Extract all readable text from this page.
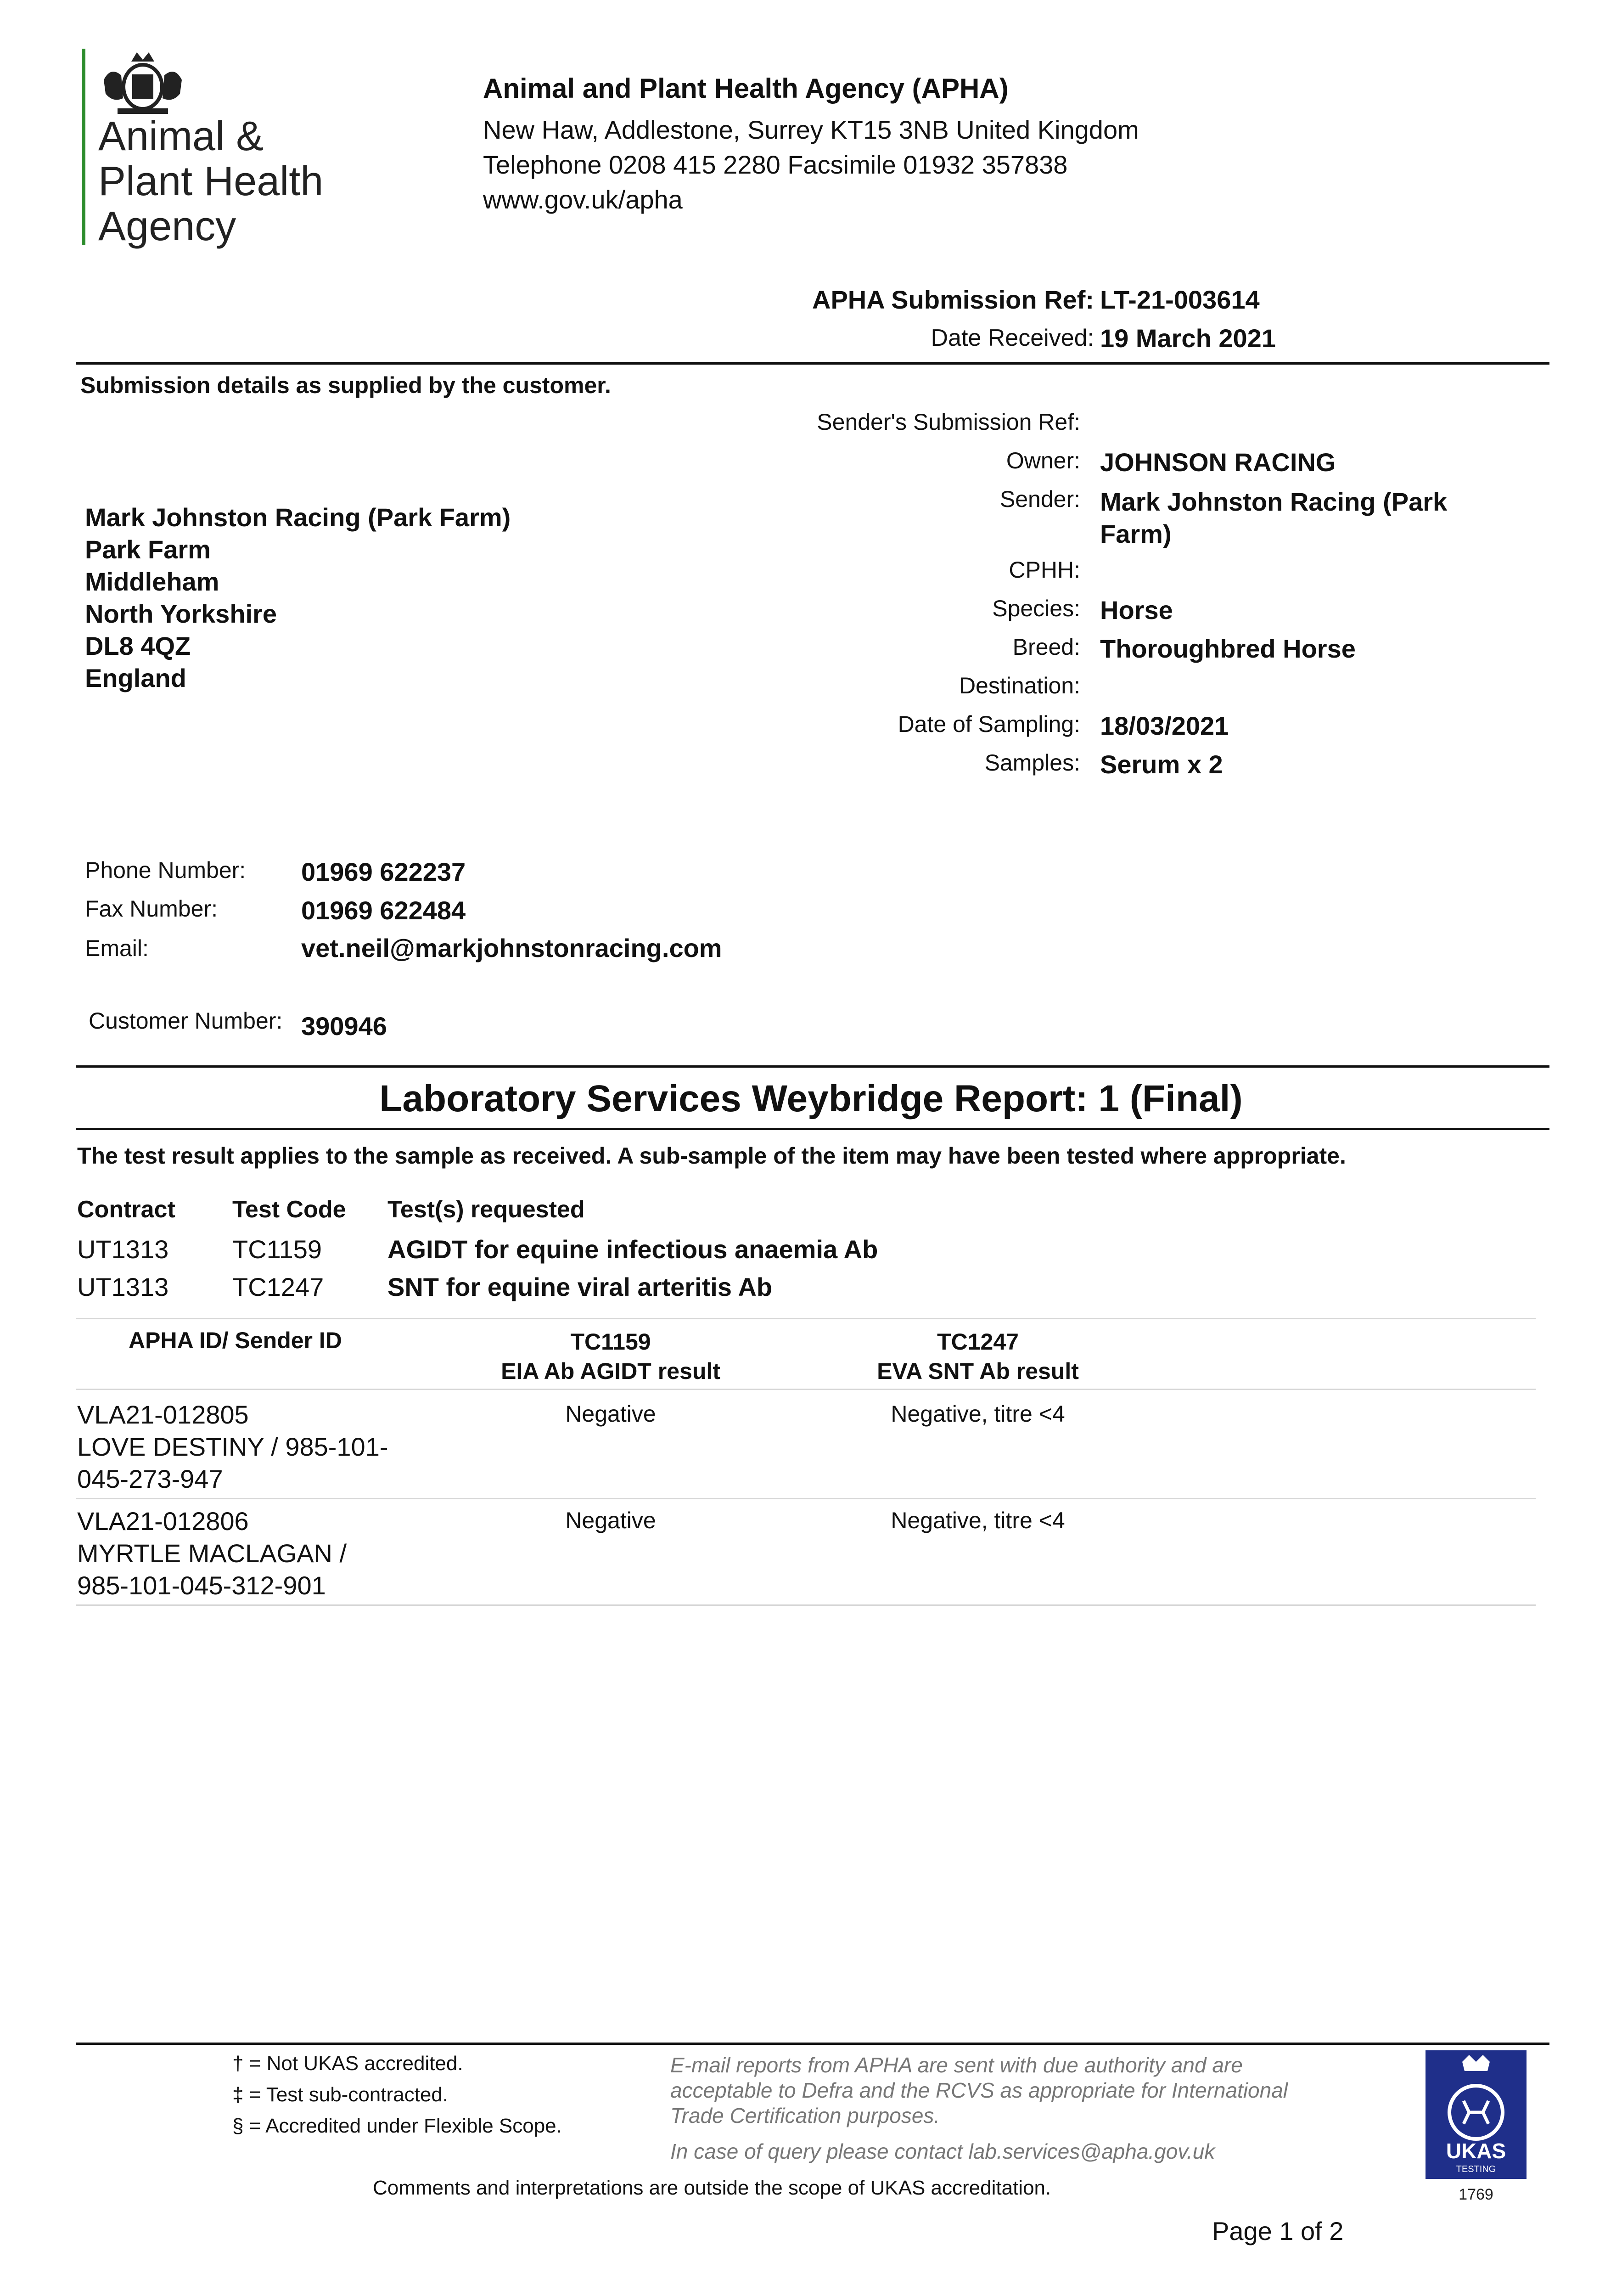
Animal &
Plant Health
Agency
Animal and Plant Health Agency (APHA)
New Haw, Addlestone, Surrey KT15 3NB United Kingdom
Telephone 0208 415 2280 Facsimile 01932 357838
www.gov.uk/apha
APHA Submission Ref: LT-21-003614
Date Received: 19 March 2021
Submission details as supplied by the customer.
Mark Johnston Racing (Park Farm)
Park Farm
Middleham
North Yorkshire
DL8 4QZ
England
Sender's Submission Ref:
Owner: JOHNSON RACING
Sender: Mark Johnston Racing (Park
Farm)
CPHH:
Species: Horse
Breed: Thoroughbred Horse
Destination:
Date of Sampling: 18/03/2021
Samples: Serum x 2
Phone Number: 01969 622237
Fax Number:	01969 622484
Email:	vet.neil@markjohnstonracing.com
Customer Number: 390946
Laboratory Services Weybridge Report: 1 (Final)
The test result applies to the sample as received. A sub-sample of the item may have been tested where appropriate.
Contract Test Code Test(s) requested
UT1313 TC1159	AGIDT for equine infectious anaemia Ab
UT1313 TC1247 SNT for equine viral arteritis Ab
APHA ID/ Sender ID	TC1159
EIA Ab AGIDT result
TC1247
EVA SNT Ab result
VLA21-012805
LOVE DESTINY / 985-101-
045-273-947
Negative	Negative, titre <4
VLA21-012806
MYRTLE MACLAGAN /
985-101-045-312-901
Negative	Negative, titre <4
† = Not UKAS accredited.
‡ = Test sub-contracted.
§ = Accredited under Flexible Scope.
E-mail reports from APHA are sent with due authority and are
acceptable to Defra and the RCVS as appropriate for International
Trade Certification purposes.
In case of query please contact lab.services@apha.gov.uk
Comments and interpretations are outside the scope of UKAS accreditation.
UKAS
TESTING
1769
Page 1 of 2
